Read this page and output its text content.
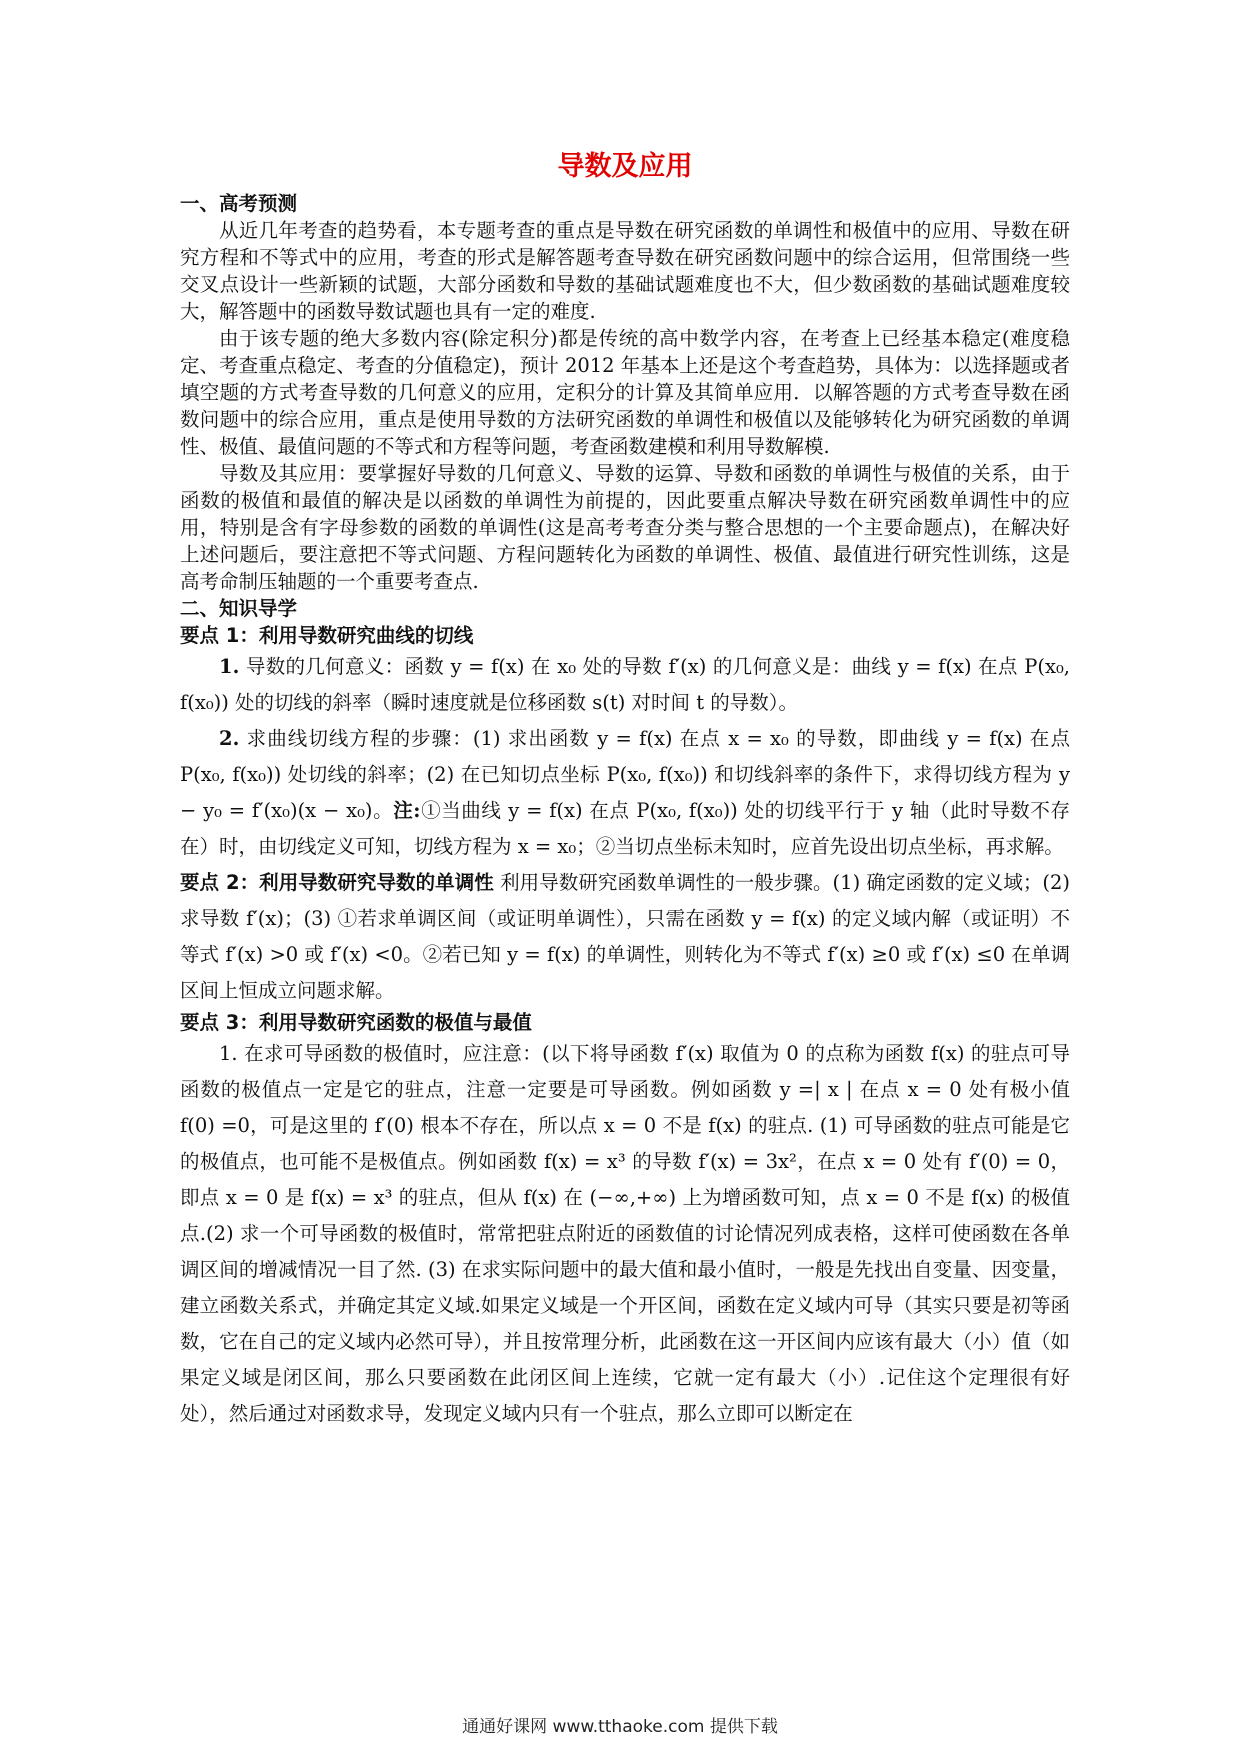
导数及应用

一、高考预测

从近几年考查的趋势看，本专题考查的重点是导数在研究函数的单调性和极值中的应用、导数在研究方程和不等式中的应用，考查的形式是解答题考查导数在研究函数问题中的综合运用，但常围绕一些交叉点设计一些新颖的试题，大部分函数和导数的基础试题难度也不大，但少数函数的基础试题难度较大，解答题中的函数导数试题也具有一定的难度.

由于该专题的绝大多数内容(除定积分)都是传统的高中数学内容，在考查上已经基本稳定(难度稳定、考查重点稳定、考查的分值稳定)，预计 2012 年基本上还是这个考查趋势，具体为：以选择题或者填空题的方式考查导数的几何意义的应用，定积分的计算及其简单应用．以解答题的方式考查导数在函数问题中的综合应用，重点是使用导数的方法研究函数的单调性和极值以及能够转化为研究函数的单调性、极值、最值问题的不等式和方程等问题，考查函数建模和利用导数解模.

导数及其应用：要掌握好导数的几何意义、导数的运算、导数和函数的单调性与极值的关系，由于函数的极值和最值的解决是以函数的单调性为前提的，因此要重点解决导数在研究函数单调性中的应用，特别是含有字母参数的函数的单调性(这是高考考查分类与整合思想的一个主要命题点)，在解决好上述问题后，要注意把不等式问题、方程问题转化为函数的单调性、极值、最值进行研究性训练，这是高考命制压轴题的一个重要考查点.

二、知识导学

要点 1：利用导数研究曲线的切线

1. 导数的几何意义：函数 y = f(x) 在 x₀ 处的导数 f′(x) 的几何意义是：曲线 y = f(x) 在点 P(x₀, f(x₀)) 处的切线的斜率（瞬时速度就是位移函数 s(t) 对时间 t 的导数）。

2. 求曲线切线方程的步骤：(1) 求出函数 y = f(x) 在点 x = x₀ 的导数，即曲线 y = f(x) 在点 P(x₀, f(x₀)) 处切线的斜率；(2) 在已知切点坐标 P(x₀, f(x₀)) 和切线斜率的条件下，求得切线方程为 y − y₀ = f′(x₀)(x − x₀)。注:①当曲线 y = f(x) 在点 P(x₀, f(x₀)) 处的切线平行于 y 轴（此时导数不存在）时，由切线定义可知，切线方程为 x = x₀；②当切点坐标未知时，应首先设出切点坐标，再求解。

要点 2：利用导数研究导数的单调性 利用导数研究函数单调性的一般步骤。(1) 确定函数的定义域；(2) 求导数 f′(x)；(3) ①若求单调区间（或证明单调性），只需在函数 y = f(x) 的定义域内解（或证明）不等式 f′(x) >0 或 f′(x) <0。②若已知 y = f(x) 的单调性，则转化为不等式 f′(x) ≥0 或 f′(x) ≤0 在单调区间上恒成立问题求解。

要点 3：利用导数研究函数的极值与最值

1. 在求可导函数的极值时，应注意：(以下将导函数 f′(x) 取值为 0 的点称为函数 f(x) 的驻点可导函数的极值点一定是它的驻点，注意一定要是可导函数。例如函数 y =| x | 在点 x = 0 处有极小值 f(0) =0，可是这里的 f′(0) 根本不存在，所以点 x = 0 不是 f(x) 的驻点. (1) 可导函数的驻点可能是它的极值点，也可能不是极值点。例如函数 f(x) = x³ 的导数 f′(x) = 3x²，在点 x = 0 处有 f′(0) = 0，即点 x = 0 是 f(x) = x³ 的驻点，但从 f(x) 在 (−∞,+∞) 上为增函数可知，点 x = 0 不是 f(x) 的极值点.(2) 求一个可导函数的极值时，常常把驻点附近的函数值的讨论情况列成表格，这样可使函数在各单调区间的增减情况一目了然. (3) 在求实际问题中的最大值和最小值时，一般是先找出自变量、因变量，建立函数关系式，并确定其定义域.如果定义域是一个开区间，函数在定义域内可导（其实只要是初等函数，它在自己的定义域内必然可导），并且按常理分析，此函数在这一开区间内应该有最大（小）值（如果定义域是闭区间，那么只要函数在此闭区间上连续，它就一定有最大（小）.记住这个定理很有好处），然后通过对函数求导，发现定义域内只有一个驻点，那么立即可以断定在

通通好课网 www.tthaoke.com 提供下载
